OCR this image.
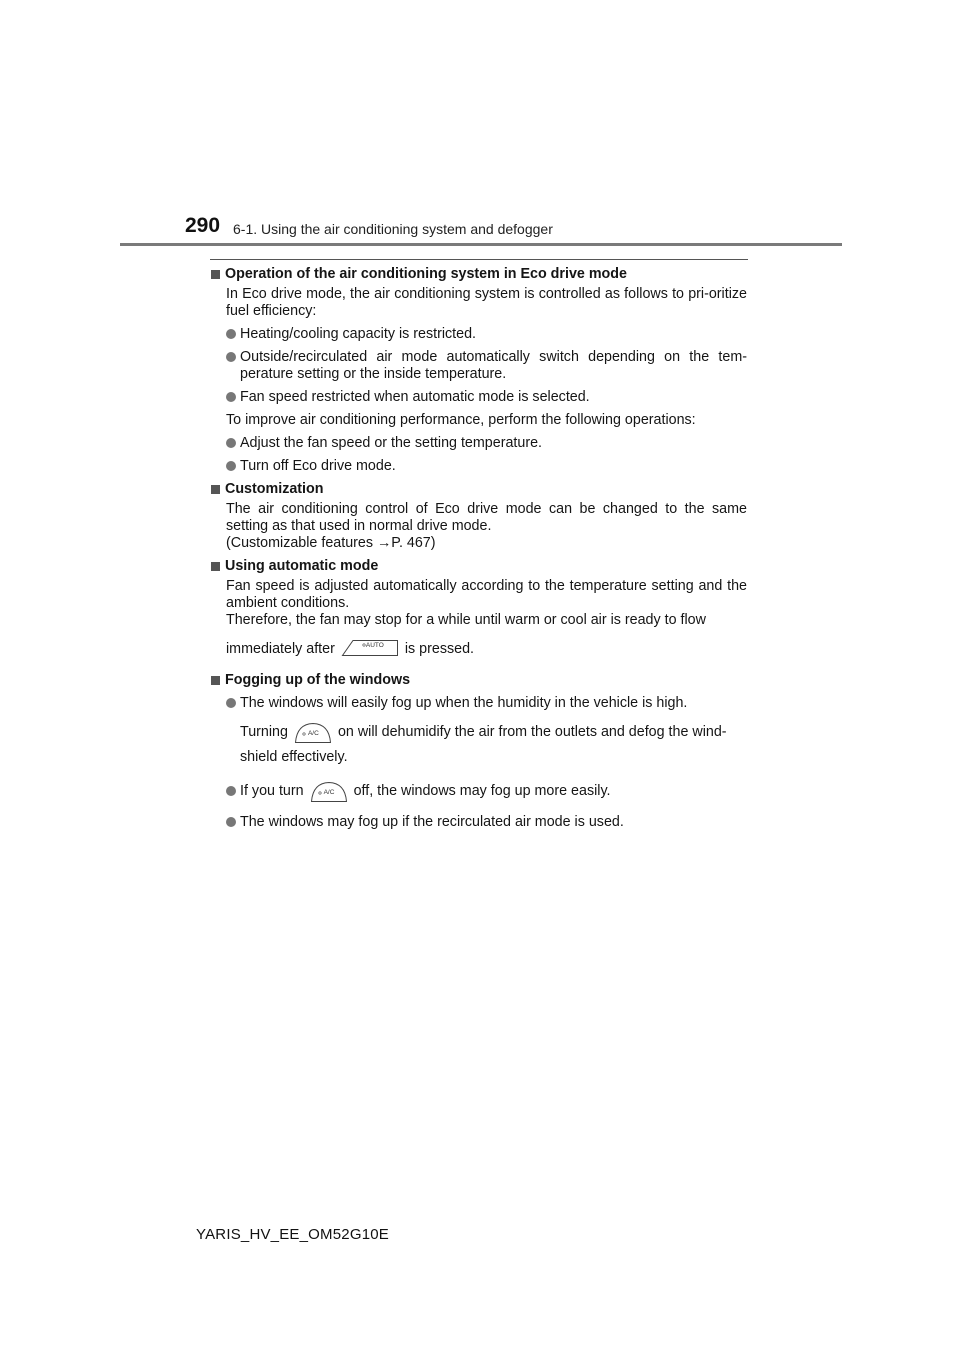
290 6-1. Using the air conditioning system and defogger
Operation of the air conditioning system in Eco drive mode
In Eco drive mode, the air conditioning system is controlled as follows to pri-oritize fuel efficiency:
Heating/cooling capacity is restricted.
Outside/recirculated air mode automatically switch depending on the tem-perature setting or the inside temperature.
Fan speed restricted when automatic mode is selected.
To improve air conditioning performance, perform the following operations:
Adjust the fan speed or the setting temperature.
Turn off Eco drive mode.
Customization
The air conditioning control of Eco drive mode can be changed to the same setting as that used in normal drive mode.
(Customizable features →P. 467)
Using automatic mode
Fan speed is adjusted automatically according to the temperature setting and the ambient conditions.
Therefore, the fan may stop for a while until warm or cool air is ready to flow
immediately after	AUTO is pressed.
Fogging up of the windows
The windows will easily fog up when the humidity in the vehicle is high.

Turning	A/C on will dehumidify the air from the outlets and defog the wind-
shield effectively.
If you turn	A/C off, the windows may fog up more easily.
The windows may fog up if the recirculated air mode is used.
YARIS_HV_EE_OM52G10E
